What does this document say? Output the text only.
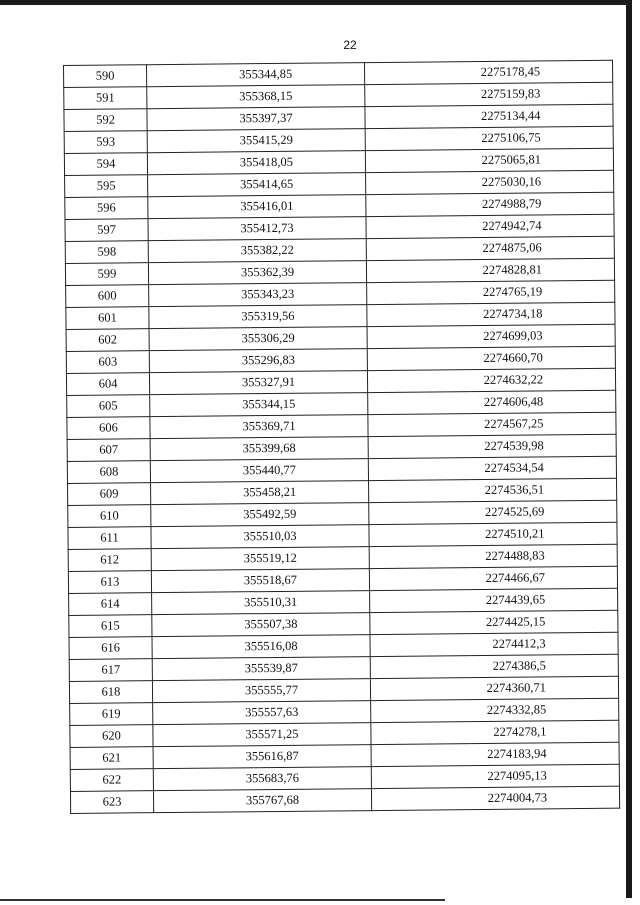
22
590	355344,85	2275178,45
591	355368,15	2275159,83
592	355397,37	2275134,44
593	355415,29	2275106,75
594	355418,05	2275065,81
595	355414,65	2275030,16
596	355416,01	2274988,79
597	355412,73	2274942,74
598	355382,22	2274875,06
599	355362,39	2274828,81
600	355343,23	2274765,19
601	355319,56	2274734,18
602	355306,29	2274699,03
603	355296,83	2274660,70
604	355327,91	2274632,22
605	355344,15	2274606,48
606	355369,71	2274567,25
607	355399,68	2274539,98
608	355440,77	2274534,54
609	355458,21	2274536,51
610	355492,59	2274525,69
611	355510,03	2274510,21
612	355519,12	2274488,83
613	355518,67	2274466,67
614	355510,31	2274439,65
615	355507,38	2274425,15
616	355516,08	2274412,3
617	355539,87	2274386,5
618	355555,77	2274360,71
619	355557,63	2274332,85
620	355571,25	2274278,1
621	355616,87	2274183,94
622	355683,76	2274095,13
623	355767,68	2274004,73
